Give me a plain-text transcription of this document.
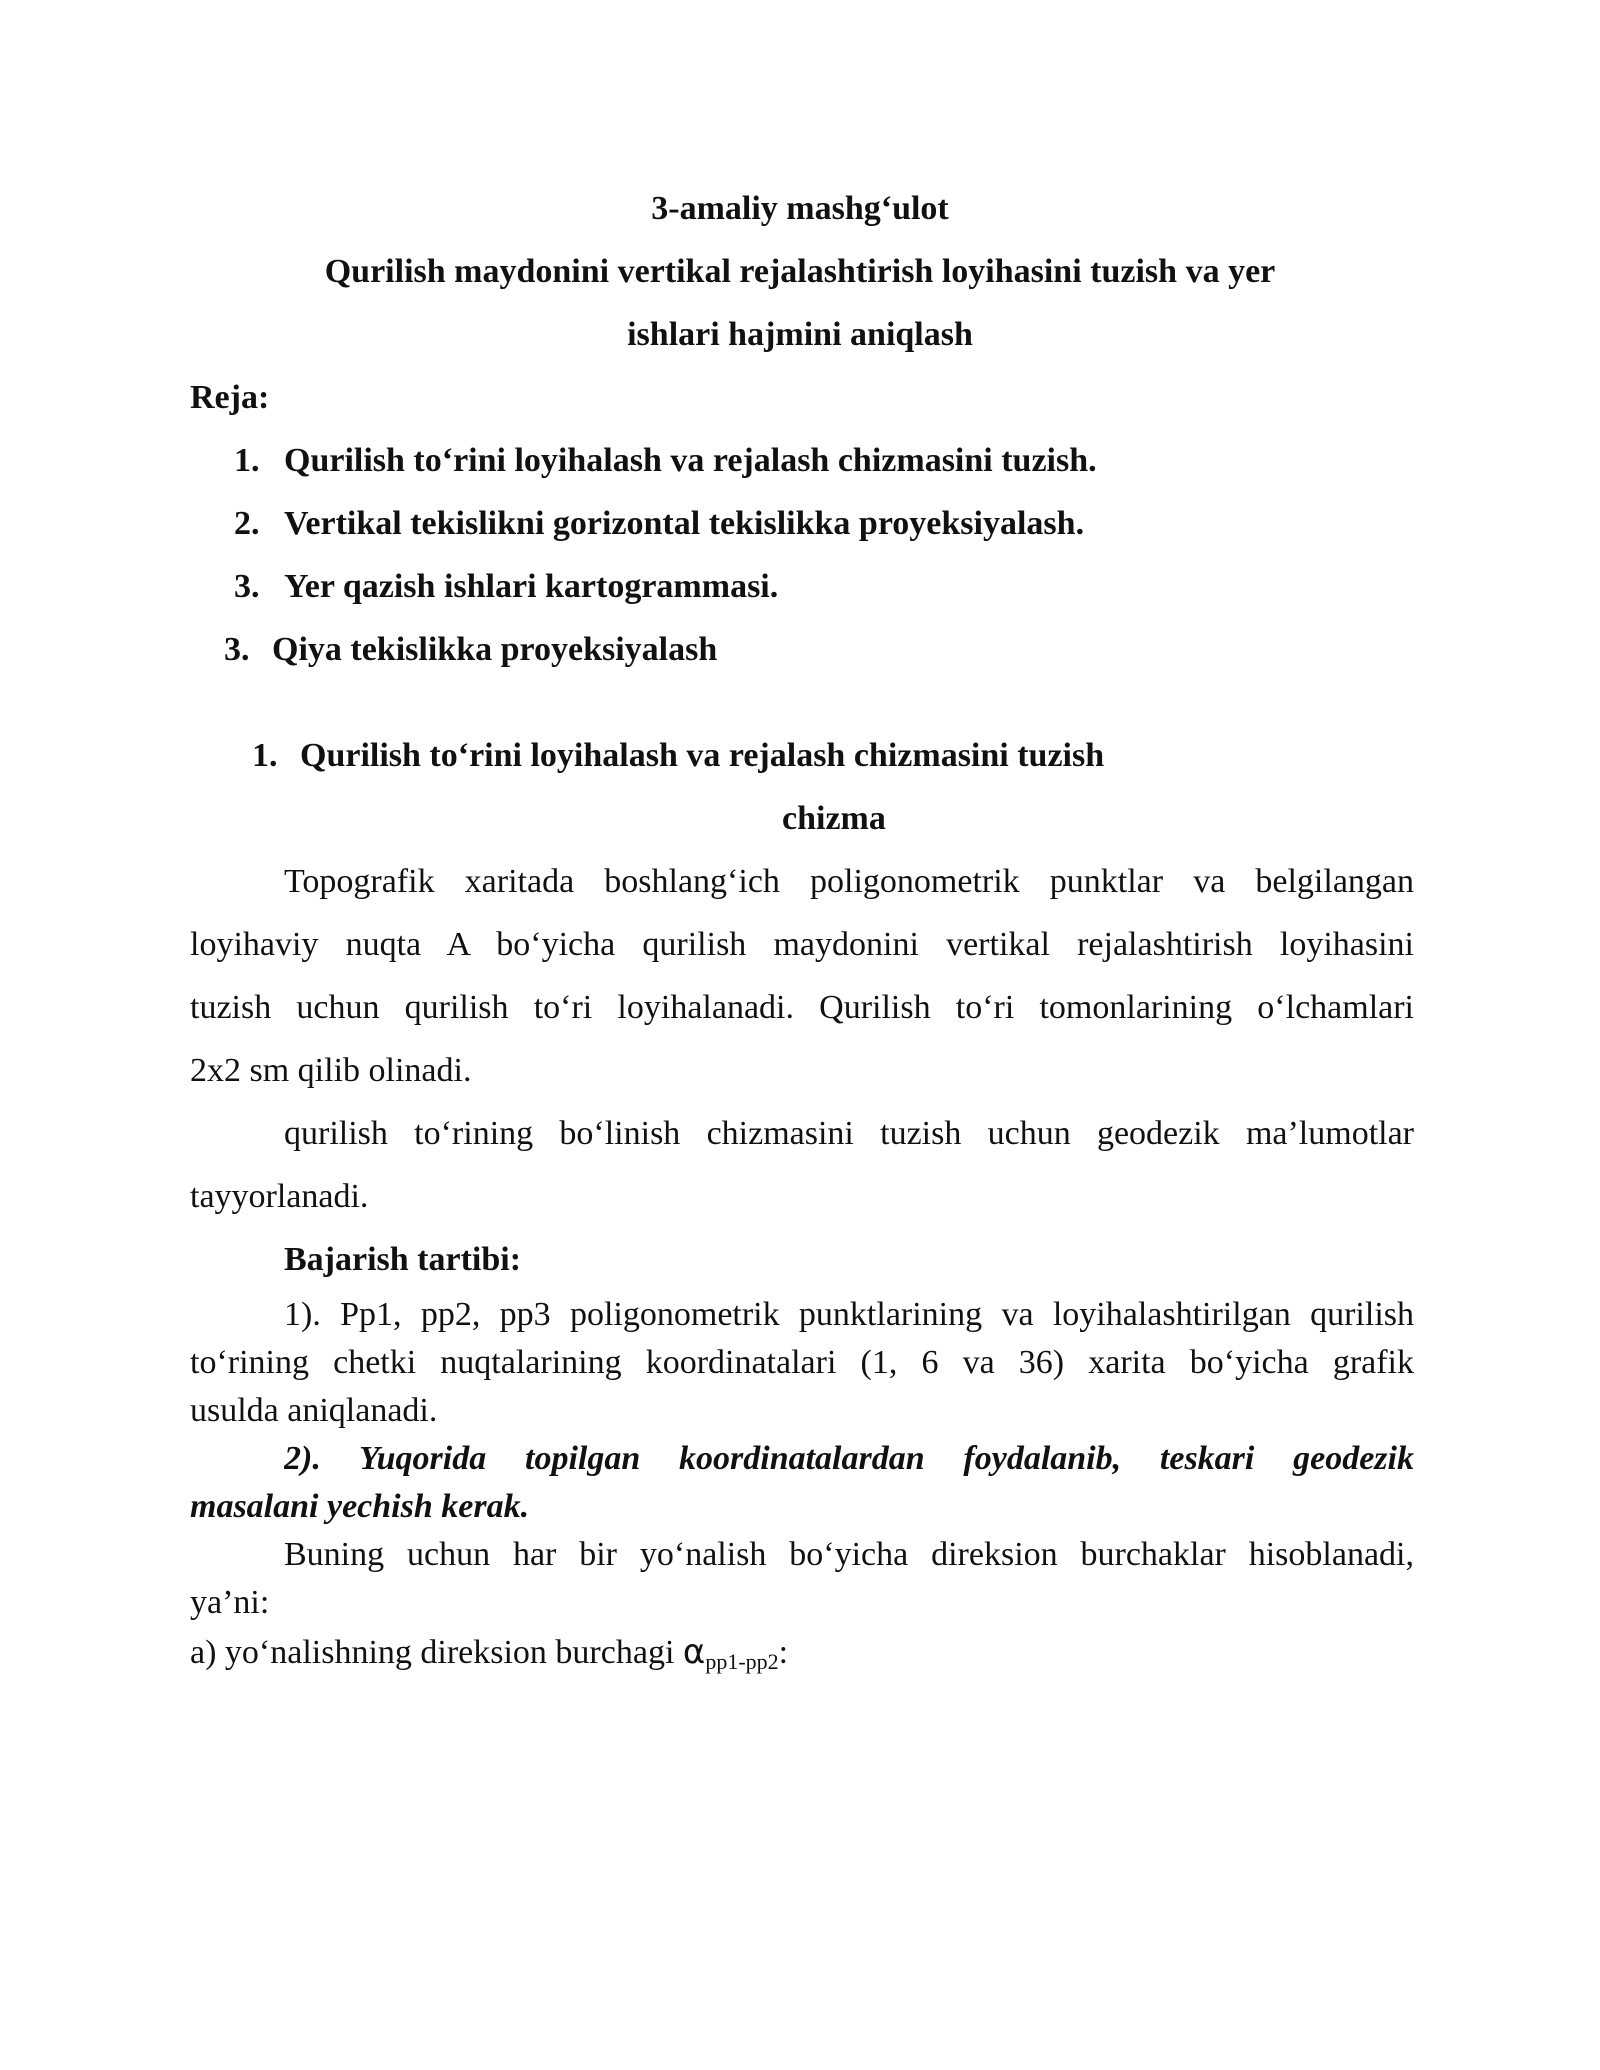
3-amaliy mashg‘ulot
Qurilish maydonini vertikal rejalashtirish loyihasini tuzish va yer
ishlari hajmini aniqlash
Reja:
1. Qurilish to‘rini loyihalash va rejalash chizmasini tuzish.
2. Vertikal tekislikni gorizontal tekislikka proyeksiyalash.
3. Yer qazish ishlari kartogrammasi.
3. Qiya tekislikka proyeksiyalash
1. Qurilish to‘rini loyihalash va rejalash chizmasini tuzish
chizma
Topografik xaritada boshlang‘ich poligonometrik punktlar va belgilangan
loyihaviy nuqta A bo‘yicha qurilish maydonini vertikal rejalashtirish loyihasini
tuzish uchun qurilish to‘ri loyihalanadi. Qurilish to‘ri tomonlarining o‘lchamlari
2x2 sm qilib olinadi.
qurilish to‘rining bo‘linish chizmasini tuzish uchun geodezik ma’lumotlar
tayyorlanadi.
Bajarish tartibi:
1). Pp1, pp2, pp3 poligonometrik punktlarining va loyihalashtirilgan qurilish
to‘rining chetki nuqtalarining koordinatalari (1, 6 va 36) xarita bo‘yicha grafik
usulda aniqlanadi.
2). Yuqorida topilgan koordinatalardan foydalanib, teskari geodezik
masalani yechish kerak.
Buning uchun har bir yo‘nalish bo‘yicha direksion burchaklar hisoblanadi,
ya’ni:
a) yo‘nalishning direksion burchagi $\alpha_{pp1-pp2}$:
